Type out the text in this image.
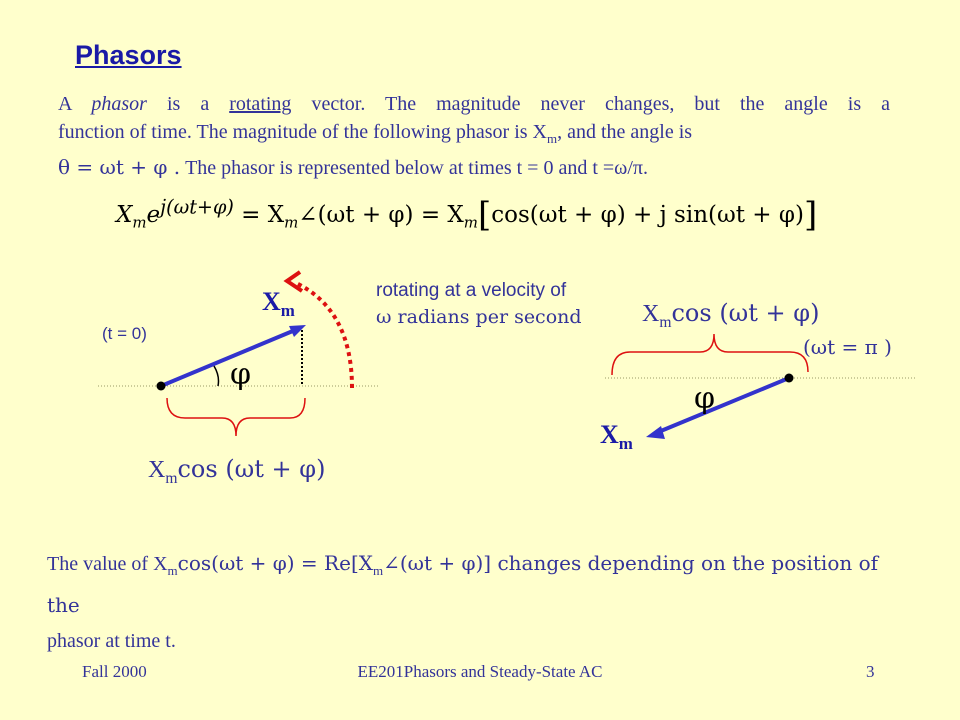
Phasors
A phasor is a rotating vector. The magnitude never changes, but the angle is a
function of time. The magnitude of the following phasor is $X_m$, and the angle is
θ = ωt + φ . The phasor is represented below at times t = 0 and t =ω/π.
$X_me^{j(\omega t+\varphi)}$ = $X_m\angle(\omega t + \varphi) = X_m[\cos(\omega t + \varphi) + j$ sin(ωt + φ)]
rotating at a velocity of
ω radians per second
(t = 0)
$X_m$
φ
$X_m\cos$ (ωt + φ)
$X_m\cos$ (ωt + φ)
(ωt = π )
φ
$X_m$
The value of $X_m\cos(\omega t + \varphi)$ = $Re[X_m\angle(\omega t + \varphi)]$ changes depending on the position of the
phasor at time t.
Fall 2000	EE201Phasors and Steady-State AC	3
